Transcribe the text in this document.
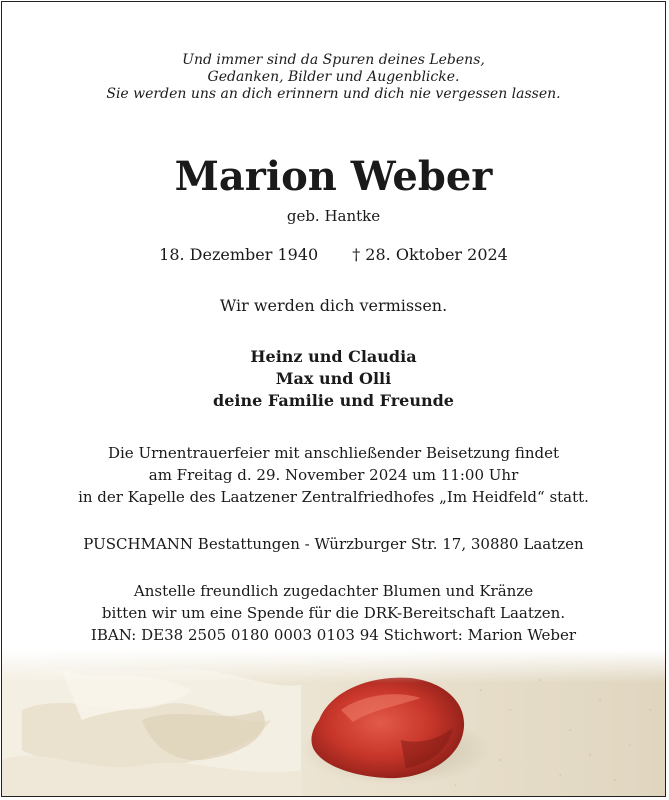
Und immer sind da Spuren deines Lebens,
Gedanken, Bilder und Augenblicke.
Sie werden uns an dich erinnern und dich nie vergessen lassen.
Marion Weber
geb. Hantke
18. Dezember 1940 † 28. Oktober 2024
Wir werden dich vermissen.
Heinz und Claudia
Max und Olli
deine Familie und Freunde
Die Urnentrauerfeier mit anschließender Beisetzung findet
am Freitag d. 29. November 2024 um 11:00 Uhr
in der Kapelle des Laatzener Zentralfriedhofes „Im Heidfeld“ statt.
PUSCHMANN Bestattungen - Würzburger Str. 17, 30880 Laatzen
Anstelle freundlich zugedachter Blumen und Kränze
bitten wir um eine Spende für die DRK-Bereitschaft Laatzen.
IBAN: DE38 2505 0180 0003 0103 94 Stichwort: Marion Weber
